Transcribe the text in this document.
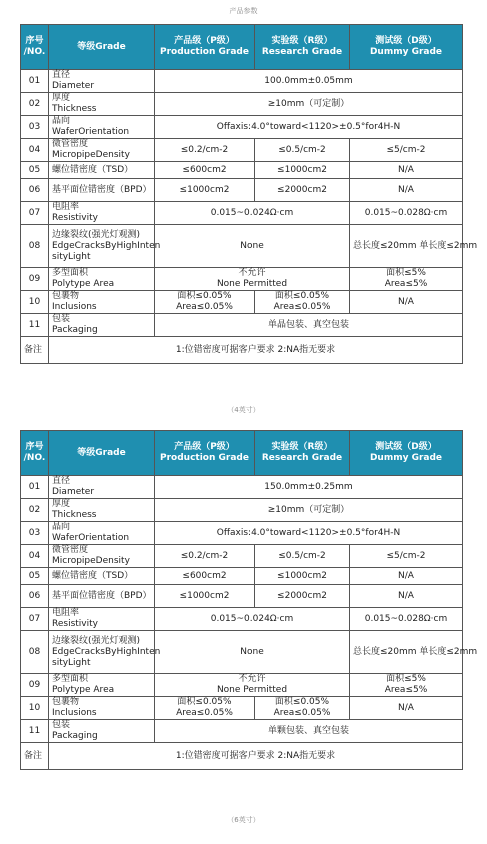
产品参数
序号
/NO.	等级Grade	产品级（P级）
Production Grade	实验级（R级）
Research Grade	测试级（D级）
Dummy Grade

01	直径
Diameter	100.0mm±0.05mm		
02	厚度
Thickness	≥10mm（可定制）		
03	晶向
WaferOrientation	Offaxis:4.0°toward<1120>±0.5°for4H-N		
04	微管密度
MicropipeDensity	≤0.2/cm-2	≤0.5/cm-2	≤5/cm-2
05	螺位错密度（TSD）	≤600cm2	≤1000cm2	N/A
06	基平面位错密度（BPD）	≤1000cm2	≤2000cm2	N/A
07	电阻率
Resistivity	0.015~0.024Ω·cm		0.015~0.028Ω·cm
08	边缘裂纹(强光灯观测)
EdgeCracksByHighInten
sityLight	None		总长度≤20mm 单长度≤2mm
09	多型面积
Polytype Area	不允许
None Permitted		面积≤5%
Area≤5%

10	包裹物
Inclusions	面积≤0.05%
Area≤0.05%	面积≤0.05%
Area≤0.05%	N/A
11	包装
Packaging	单晶包装、真空包装		
备注	1:位错密度可据客户要求 2:NA指无要求			
（4英寸）
序号
/NO.	等级Grade	产品级（P级）
Production Grade	实验级（R级）
Research Grade	测试级（D级）
Dummy Grade

01	直径
Diameter	150.0mm±0.25mm		
02	厚度
Thickness	≥10mm（可定制）		
03	晶向
WaferOrientation	Offaxis:4.0°toward<1120>±0.5°for4H-N		
04	微管密度
MicropipeDensity	≤0.2/cm-2	≤0.5/cm-2	≤5/cm-2
05	螺位错密度（TSD）	≤600cm2	≤1000cm2	N/A
06	基平面位错密度（BPD）	≤1000cm2	≤2000cm2	N/A
07	电阻率
Resistivity	0.015~0.024Ω·cm		0.015~0.028Ω·cm
08	边缘裂纹(强光灯观测)
EdgeCracksByHighInten
sityLight	None		总长度≤20mm 单长度≤2mm
09	多型面积
Polytype Area	不允许
None Permitted		面积≤5%
Area≤5%

10	包裹物
Inclusions	面积≤0.05%
Area≤0.05%	面积≤0.05%
Area≤0.05%	N/A
11	包装
Packaging	单颗包装、真空包装		
备注	1:位错密度可据客户要求 2:NA指无要求			
（6英寸）
